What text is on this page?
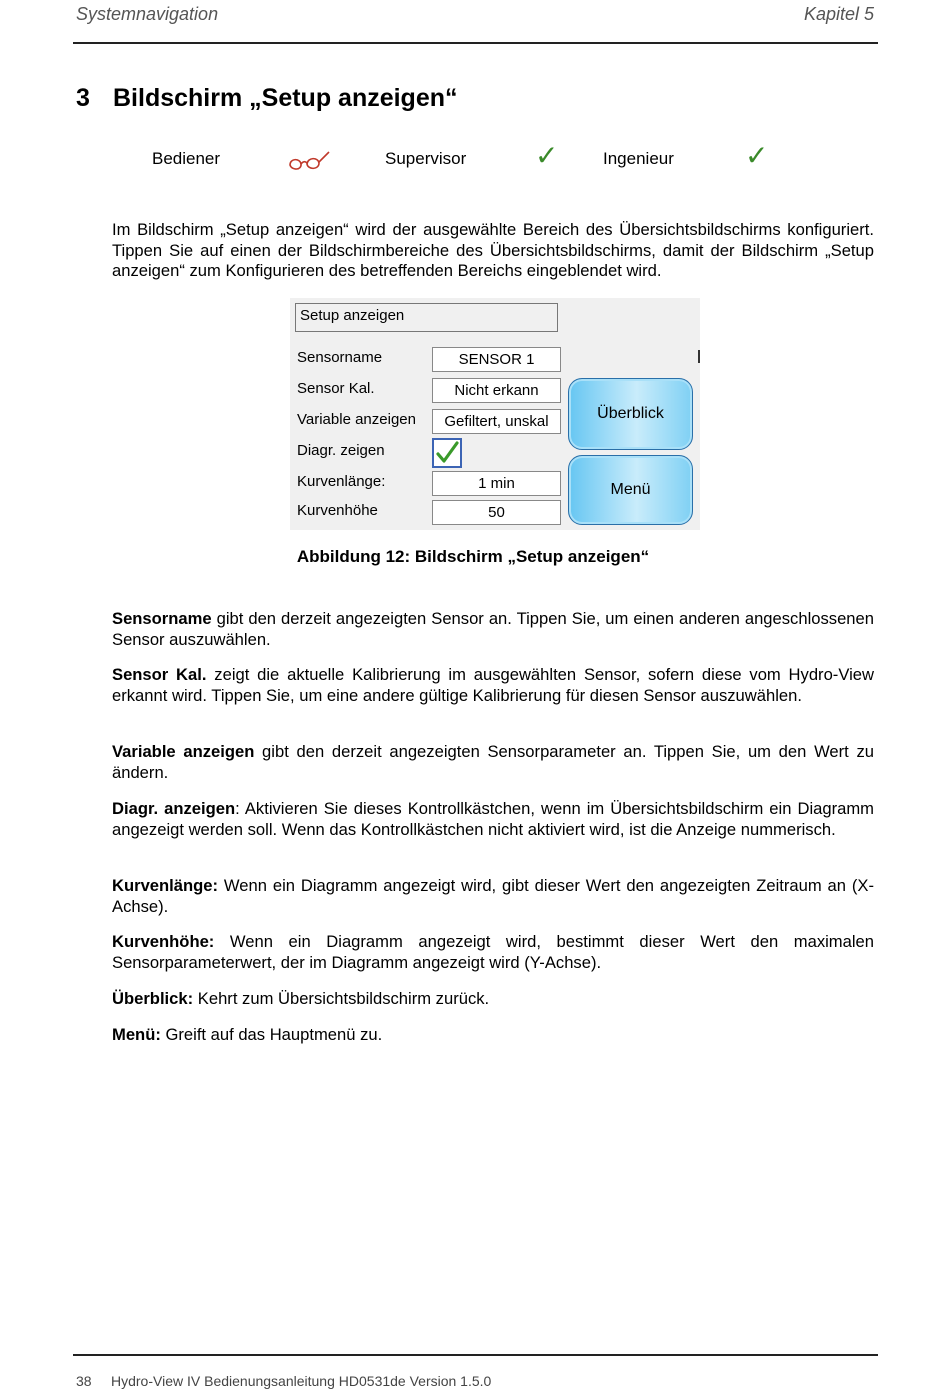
Systemnavigation	Kapitel 5
3 Bildschirm „Setup anzeigen“
Bediener	Supervisor ✓	Ingenieur	✓
Im Bildschirm „Setup anzeigen“ wird der ausgewählte Bereich des Übersichtsbildschirms konfiguriert. Tippen Sie auf einen der Bildschirmbereiche des Übersichtsbildschirms, damit der Bildschirm „Setup anzeigen“ zum Konfigurieren des betreffenden Bereichs eingeblendet wird.
Setup anzeigen
Sensorname	SENSOR 1
Sensor Kal.	Nicht erkann
Variable anzeigen	Gefiltert, unskal
Diagr. zeigen
Kurvenlänge:	1 min
Kurvenhöhe	50
Überblick
Menü
Abbildung 12: Bildschirm „Setup anzeigen“
Sensorname gibt den derzeit angezeigten Sensor an. Tippen Sie, um einen anderen angeschlossenen Sensor auszuwählen.
Sensor Kal. zeigt die aktuelle Kalibrierung im ausgewählten Sensor, sofern diese vom Hydro-View erkannt wird. Tippen Sie, um eine andere gültige Kalibrierung für diesen Sensor auszuwählen.
Variable anzeigen gibt den derzeit angezeigten Sensorparameter an. Tippen Sie, um den Wert zu ändern.
Diagr. anzeigen: Aktivieren Sie dieses Kontrollkästchen, wenn im Übersichtsbildschirm ein Diagramm angezeigt werden soll. Wenn das Kontrollkästchen nicht aktiviert wird, ist die Anzeige nummerisch.
Kurvenlänge: Wenn ein Diagramm angezeigt wird, gibt dieser Wert den angezeigten Zeitraum an (X-Achse).
Kurvenhöhe: Wenn ein Diagramm angezeigt wird, bestimmt dieser Wert den maximalen Sensorparameterwert, der im Diagramm angezeigt wird (Y-Achse).
Überblick: Kehrt zum Übersichtsbildschirm zurück.
Menü: Greift auf das Hauptmenü zu.
38 Hydro-View IV Bedienungsanleitung HD0531de Version 1.5.0
